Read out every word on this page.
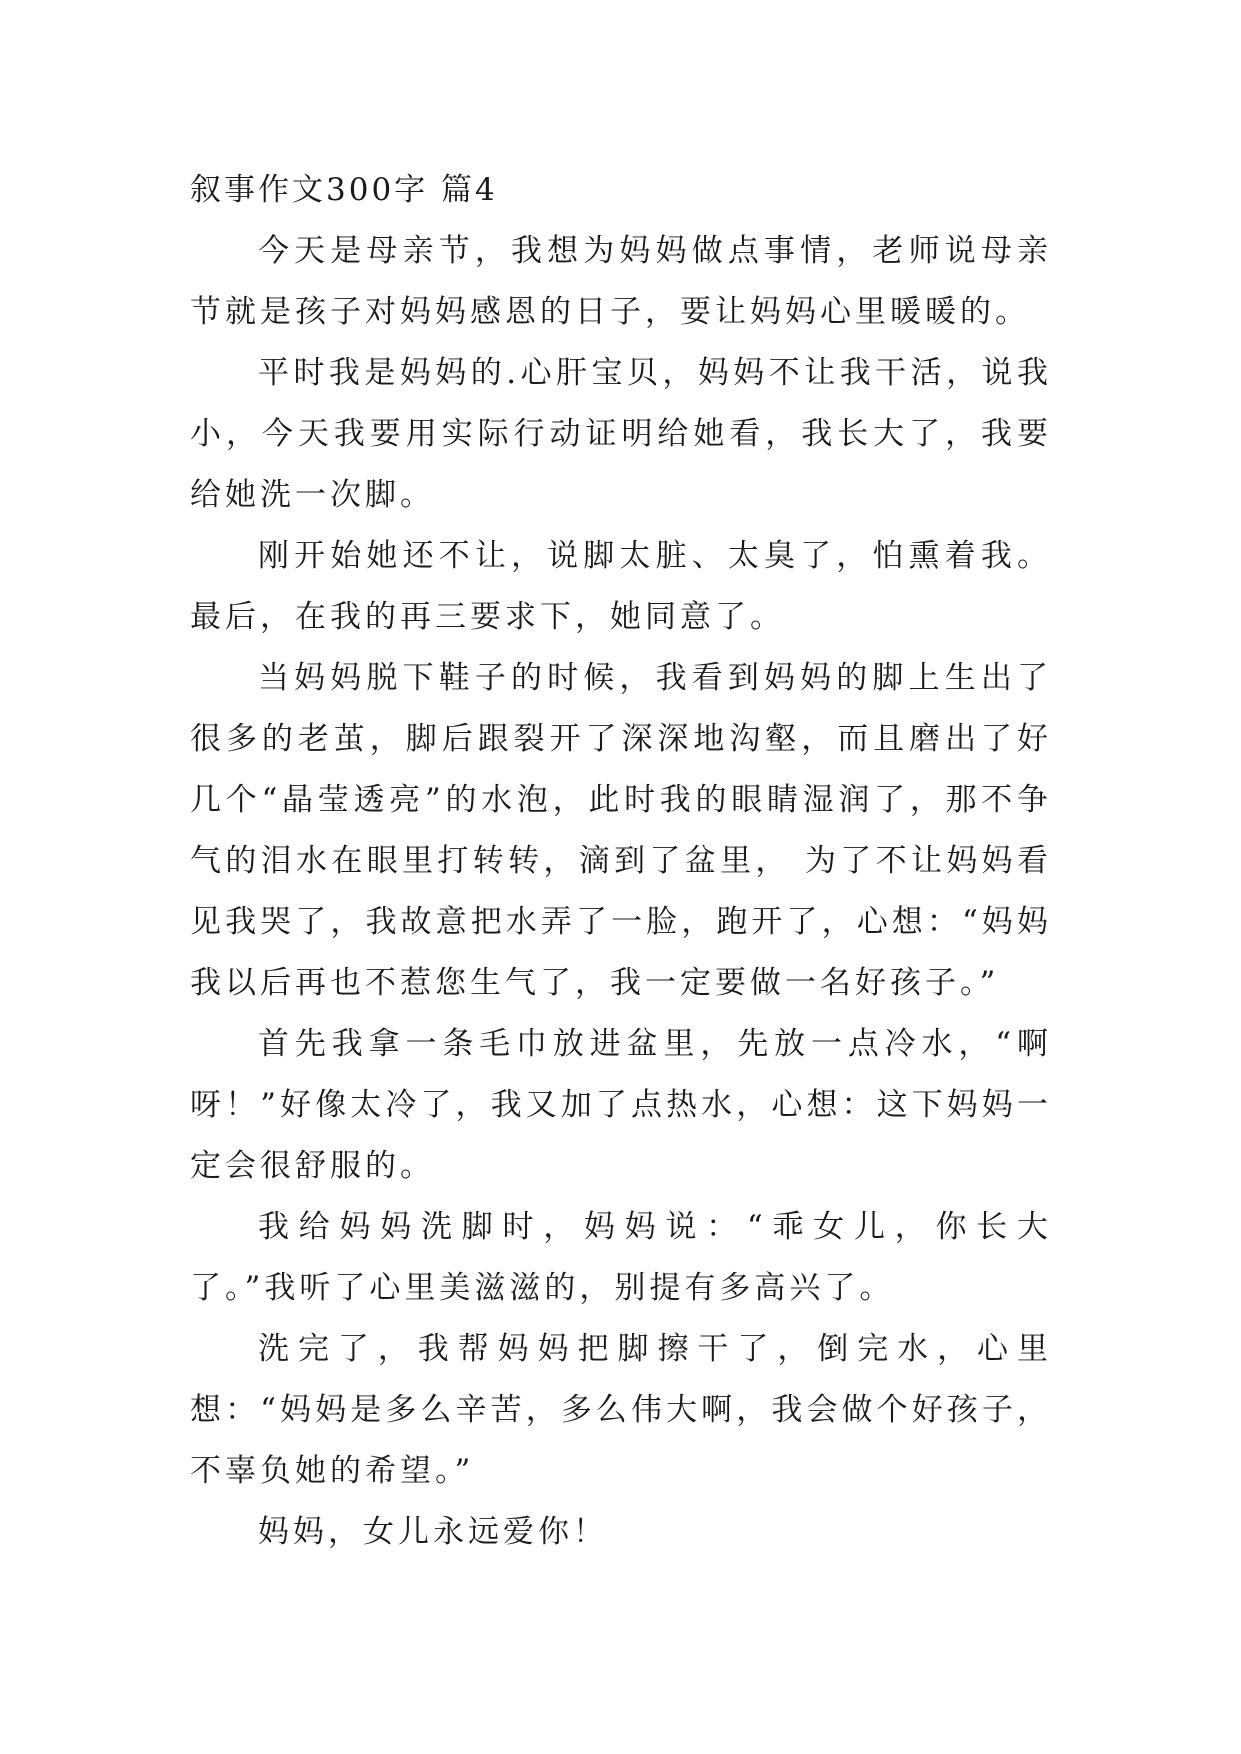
叙事作文300字 篇4

今天是母亲节，我想为妈妈做点事情，老师说母亲节就是孩子对妈妈感恩的日子，要让妈妈心里暖暖的。

平时我是妈妈的.心肝宝贝，妈妈不让我干活，说我小，今天我要用实际行动证明给她看，我长大了，我要给她洗一次脚。

刚开始她还不让，说脚太脏、太臭了，怕熏着我。最后，在我的再三要求下，她同意了。

当妈妈脱下鞋子的时候，我看到妈妈的脚上生出了很多的老茧，脚后跟裂开了深深地沟壑，而且磨出了好几个“晶莹透亮”的水泡，此时我的眼睛湿润了，那不争气的泪水在眼里打转转，滴到了盆里， 为了不让妈妈看见我哭了，我故意把水弄了一脸，跑开了，心想：“妈妈我以后再也不惹您生气了，我一定要做一名好孩子。”

首先我拿一条毛巾放进盆里，先放一点冷水，“啊呀！”好像太冷了，我又加了点热水，心想：这下妈妈一定会很舒服的。

我给妈妈洗脚时，妈妈说：“乖女儿，你长大了。”我听了心里美滋滋的，别提有多高兴了。

洗完了，我帮妈妈把脚擦干了，倒完水，心里想：“妈妈是多么辛苦，多么伟大啊，我会做个好孩子，不辜负她的希望。”

妈妈，女儿永远爱你！
